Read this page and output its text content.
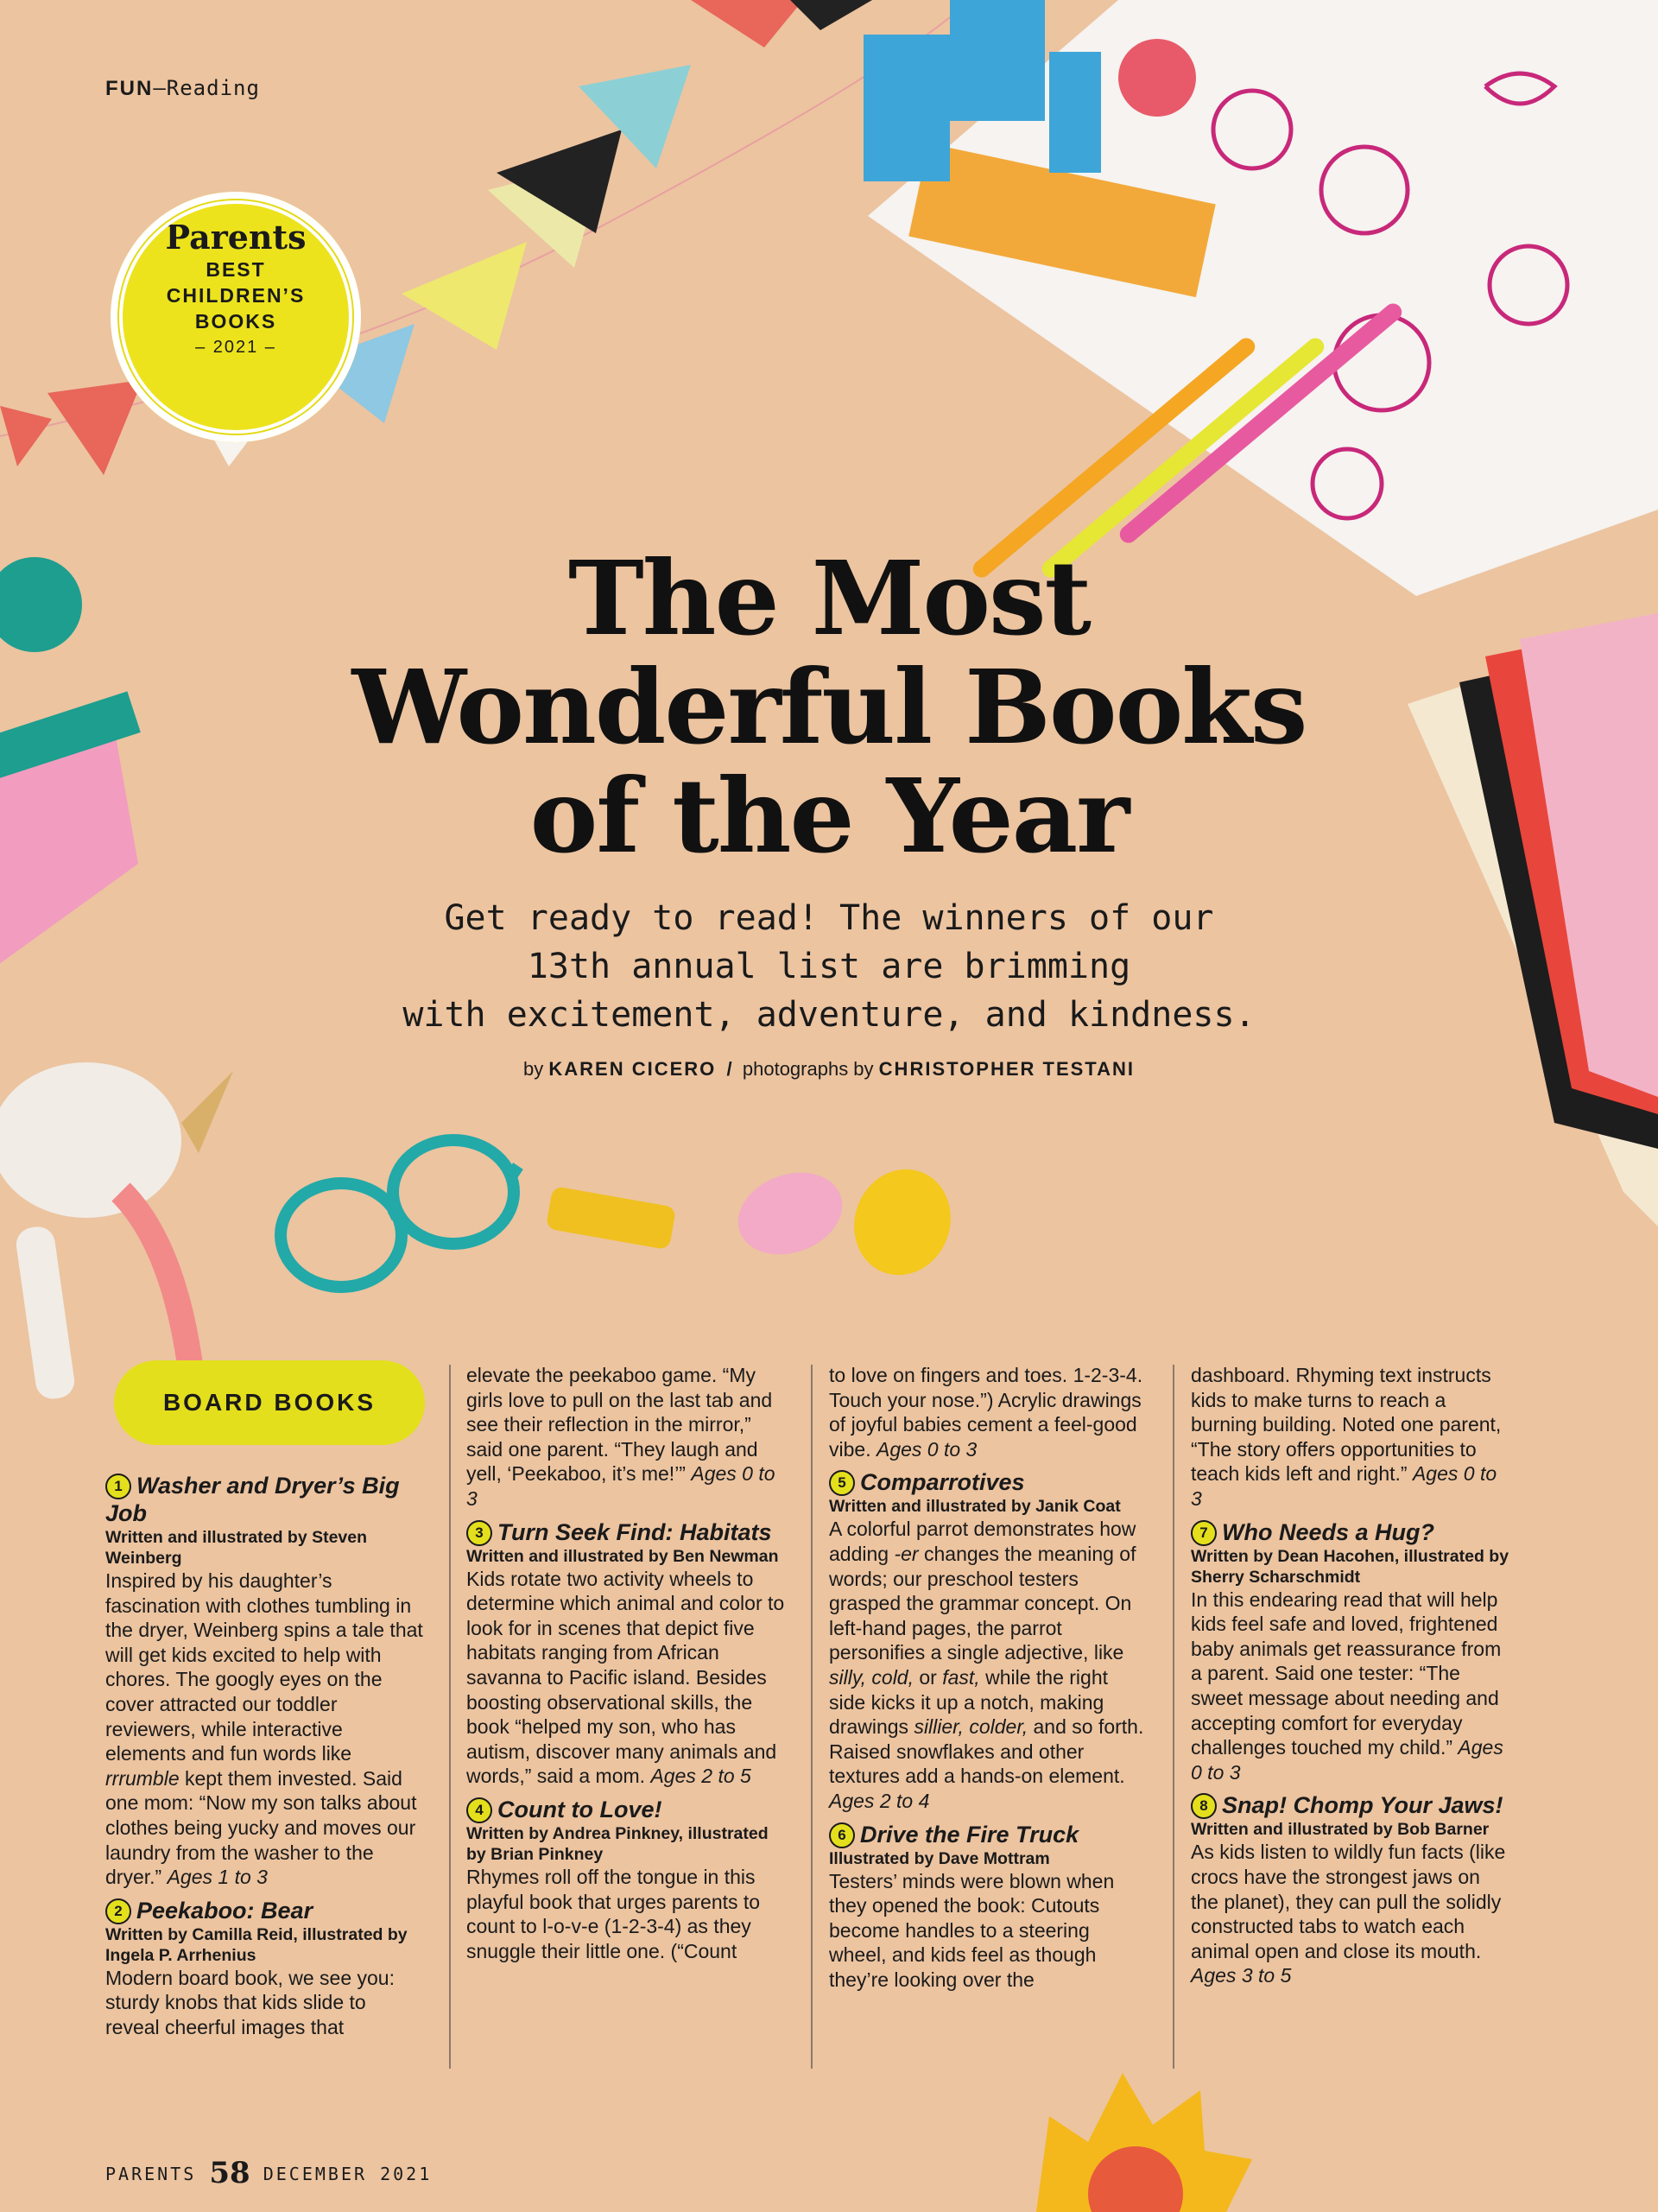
FUN—Reading
Parents
BEST
CHILDREN’S
BOOKS
– 2021 –
The Most
Wonderful Books
of the Year
Get ready to read! The winners of our
13th annual list are brimming
with excitement, adventure, and kindness.
by KAREN CICERO / photographs by CHRISTOPHER TESTANI
BOARD BOOKS
1 Washer and Dryer’s Big Job
Written and illustrated by Steven Weinberg

Inspired by his daughter’s fascination with clothes tumbling in the dryer, Weinberg spins a tale that will get kids excited to help with chores. The googly eyes on the cover attracted our toddler reviewers, while interactive elements and fun words like rrrumble kept them invested. Said one mom: “Now my son talks about clothes being yucky and moves our laundry from the washer to the dryer.” Ages 1 to 3

2 Peekaboo: Bear
Written by Camilla Reid, illustrated by Ingela P. Arrhenius

Modern board book, we see you: sturdy knobs that kids slide to reveal cheerful images that

elevate the peekaboo game. “My girls love to pull on the last tab and see their reflection in the mirror,” said one parent. “They laugh and yell, ‘Peekaboo, it’s me!’” Ages 0 to 3

3 Turn Seek Find: Habitats
Written and illustrated by Ben Newman

Kids rotate two activity wheels to determine which animal and color to look for in scenes that depict five habitats ranging from African savanna to Pacific island. Besides boosting observational skills, the book “helped my son, who has autism, discover many animals and words,” said a mom. Ages 2 to 5

4 Count to Love!
Written by Andrea Pinkney, illustrated by Brian Pinkney

Rhymes roll off the tongue in this playful book that urges parents to count to l-o-v-e (1-2-3-4) as they snuggle their little one. (“Count

to love on fingers and toes. 1-2-3-4. Touch your nose.”) Acrylic drawings of joyful babies cement a feel-good vibe. Ages 0 to 3

5 Comparrotives
Written and illustrated by Janik Coat

A colorful parrot demonstrates how adding -er changes the meaning of words; our preschool testers grasped the grammar concept. On left-hand pages, the parrot personifies a single adjective, like silly, cold, or fast, while the right side kicks it up a notch, making drawings sillier, colder, and so forth. Raised snowflakes and other textures add a hands-on element. Ages 2 to 4

6 Drive the Fire Truck
Illustrated by Dave Mottram

Testers’ minds were blown when they opened the book: Cutouts become handles to a steering wheel, and kids feel as though they’re looking over the

dashboard. Rhyming text instructs kids to make turns to reach a burning building. Noted one parent, “The story offers opportunities to teach kids left and right.” Ages 0 to 3

7 Who Needs a Hug?
Written by Dean Hacohen, illustrated by Sherry Scharschmidt

In this endearing read that will help kids feel safe and loved, frightened baby animals get reassurance from a parent. Said one tester: “The sweet message about needing and accepting comfort for everyday challenges touched my child.” Ages 0 to 3

8 Snap! Chomp Your Jaws!
Written and illustrated by Bob Barner

As kids listen to wildly fun facts (like crocs have the strongest jaws on the planet), they can pull the solidly constructed tabs to watch each animal open and close its mouth. Ages 3 to 5

PARENTS 58 DECEMBER 2021
